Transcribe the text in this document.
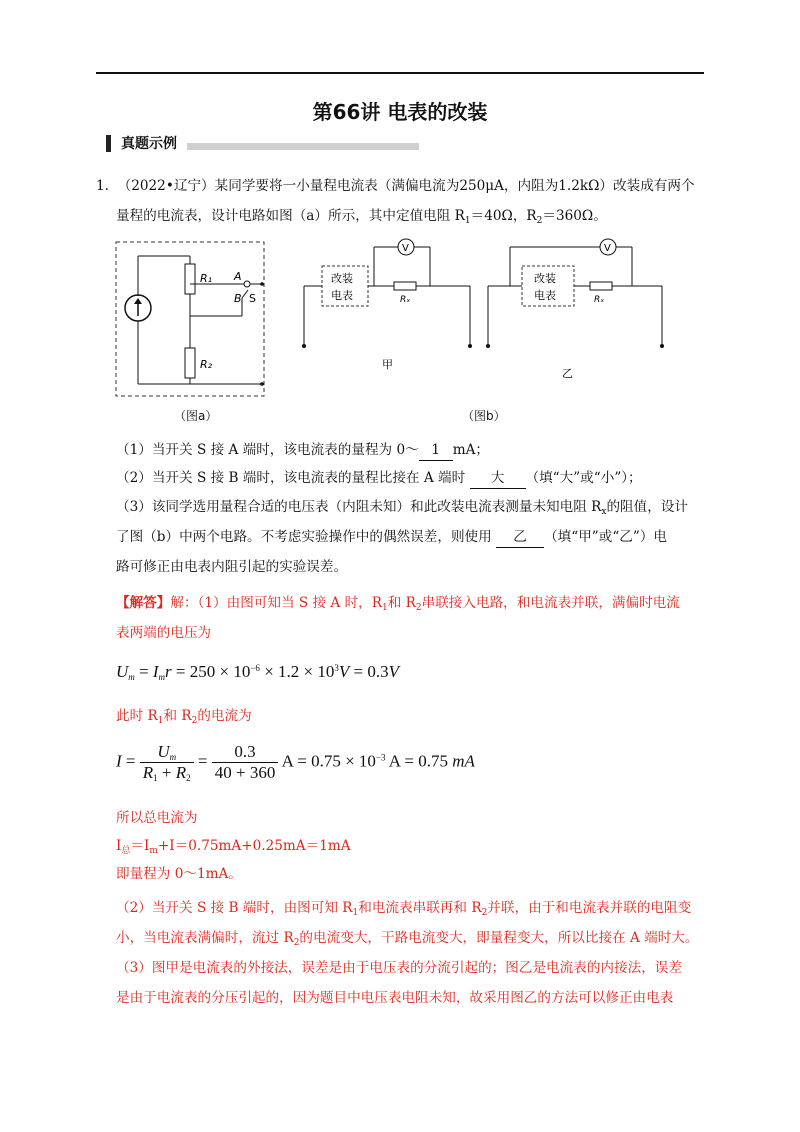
第66讲 电表的改装
真题示例
1. （2022•辽宁）某同学要将一小量程电流表（满偏电流为250μA，内阻为1.2kΩ）改装成有两个
量程的电流表，设计电路如图（a）所示，其中定值电阻 $R_1=40\Omega$，$R_2=360\Omega$。
R₁
R₂
A
B S
（图a）
V
改装
电表	Rₓ
甲
V
改装
电表	Rₓ
乙
（图b）
（1）当开关 S 接 A 端时，该电流表的量程为 0～ 1 mA；
（2）当开关 S 接 B 端时，该电流表的量程比接在 A 端时 大 （填“大”或“小”）；
（3）该同学选用量程合适的电压表（内阻未知）和此改装电流表测量未知电阻 $R_x$的阻值，设计
了图（b）中两个电路。不考虑实验操作中的偶然误差，则使用 乙 （填“甲”或“乙”）电
路可修正由电表内阻引起的实验误差。
【解答】解：（1）由图可知当 S 接 A 时，$R_1$和 $R_2$串联接入电路，和电流表并联，满偏时电流
表两端的电压为
$U_m = I_mr = 250 \times 10^{-6} \times 1.2 \times 10^3V = 0.3V$
此时 $R_1$和 $R_2$的电流为
$I = \frac{U_m}{R_1 + R_2} = \frac{0.3}{40 + 360}$ $A = 0.75 \times 10^{-3}$ A = 0.75 mA
所以总电流为
$I_总=I_m+I=0.75mA+0.25mA=1mA$
即量程为 0～1mA。
（2）当开关 S 接 B 端时，由图可知 $R_1$和电流表串联再和 $R_2$并联，由于和电流表并联的电阻变
小，当电流表满偏时，流过 $R_2$的电流变大，干路电流变大，即量程变大，所以比接在 A 端时大。
（3）图甲是电流表的外接法，误差是由于电压表的分流引起的；图乙是电流表的内接法，误差
是由于电流表的分压引起的，因为题目中电压表电阻未知，故采用图乙的方法可以修正由电表
